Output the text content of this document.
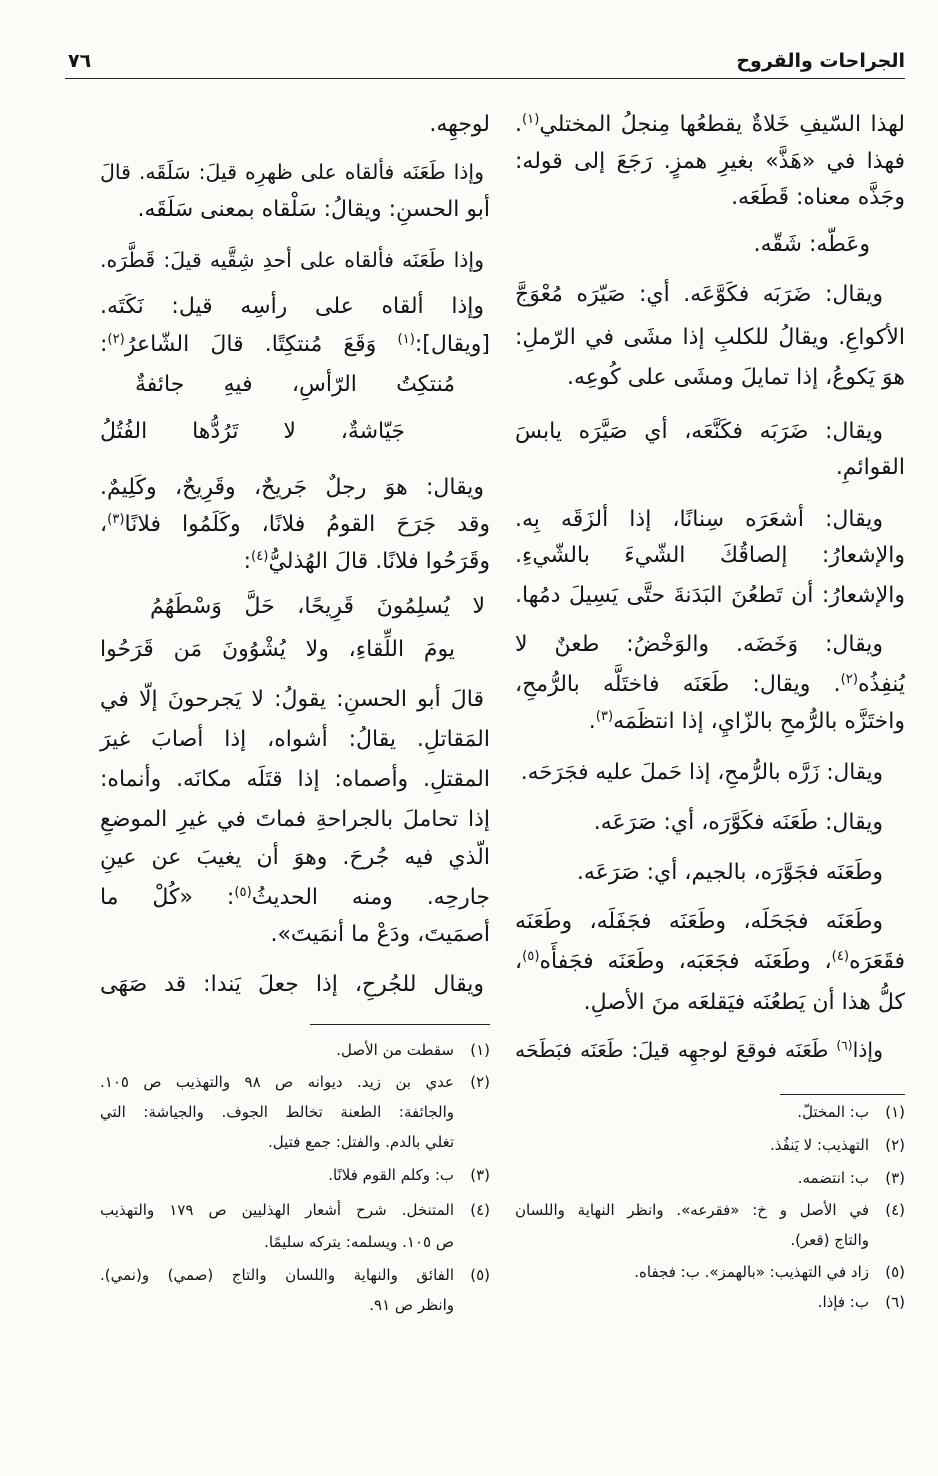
الجراحات والقروح
٧٦
لهذا السّيفِ خَلاةٌ يقطعُها مِنجلُ المختلي$^{(١)}$.
فهذا في «هَذَّ» بغيرِ همزٍ. رَجَعَ إلى قوله:
وجَذَّه معناه: قَطَعَه.
وعَطّه: شَقّه.
ويقال: ضَرَبَه فكَوَّعَه. أي: صَيّرَه مُعْوَجَّ
الأكواعِ. ويقالُ للكلبِ إذا مشَى في الرّملِ:
هوَ يَكوعُ، إذا تمايلَ ومشَى على كُوعِه.
ويقال: ضَرَبَه فكَنَّعَه، أي صَيَّرَه يابسَ
القوائمِ.
ويقال: أشعَرَه سِنانًا، إذا ألزَقَه بِه.
والإشعارُ: إلصاقُكَ الشّيءَ بالشّيءِ.
والإشعارُ: أن تَطعُنَ البَدَنةَ حتَّى يَسِيلَ دمُها.
ويقال: وَخَضَه. والوَخْضُ: طعنٌ لا
يُنفِذُه$^{(٢)}$. ويقال: طَعَنَه فاختَلَّه بالرُّمحِ،
واختَزَّه بالرُّمحِ بالزّايِ، إذا انتظَمَه$^{(٣)}$.
ويقال: زَرَّه بالرُّمحِ، إذا حَملَ عليه فجَرَحَه.
ويقال: طَعَنَه فكَوَّرَه، أي: صَرَعَه.
وطَعَنَه فجَوَّرَه، بالجيم، أي: صَرَعَه.
وطَعَنَه فجَحَلَه، وطَعَنَه فجَفَلَه، وطَعَنَه
فقَعَرَه$^{(٤)}$، وطَعَنَه فجَعَبَه، وطَعَنَه فجَفأَه$^{(٥)}$،
كلُّ هذا أن يَطعُنَه فيَقلعَه منَ الأصلِ.
وإذا$^{(٦)}$ طَعَنَه فوقعَ لوجهِه قيلَ: طَعَنَه فبَطَحَه
(١)
ب: المختلّ.
(٢)
التهذيب: لا يَنفُذ.
(٣)
ب: انتضمه.
(٤)
في الأصل و خ: «فقرعه». وانظر النهاية واللسان
والتاج (قعر).
(٥)
زاد في التهذيب: «بالهمز». ب: فجفاه.
(٦)
ب: فإذا.
لوجهِه.
وإذا طَعَنَه فألقاه على ظهرِه قيلَ: سَلَقَه. قالَ
أبو الحسنِ: ويقالُ: سَلْقاه بمعنى سَلَقَه.
وإذا طَعَنَه فألقاه على أحدِ شِقَّيه قيلَ: قَطَّرَه.
وإذا ألقاه على رأسِه قيل: نَكَتَه.
[ويقال]:$^{(١)}$ وَقَعَ مُنتكِتًا. قالَ الشّاعرُ$^{(٢)}$:
مُنتكِتُ الرّأسِ، فيهِ جائفةٌ
جَيّاشةٌ، لا تَرُدُّها الفُتُلُ
ويقال: هوَ رجلٌ جَريحٌ، وقَرِيحٌ، وكَلِيمٌ.
وقد جَرَحَ القومُ فلانًا، وكَلَمُوا فلانًا$^{(٣)}$،
وقَرَحُوا فلانًا. قالَ الهُذليُّ$^{(٤)}$:
لا يُسلِمُونَ قَرِيحًا، حَلَّ وَسْطَهُمُ
يومَ اللِّقاءِ، ولا يُشْوُونَ مَن قَرَحُوا
قالَ أبو الحسنِ: يقولُ: لا يَجرحونَ إلّا في
المَقاتلِ. يقالُ: أشواه، إذا أصابَ غيرَ
المقتلِ. وأصماه: إذا قتَلَه مكانَه. وأنماه:
إذا تحاملَ بالجراحةِ فماتَ في غيرِ الموضعِ
الّذي فيه جُرحَ. وهوَ أن يغيبَ عن عينِ
جارحِه. ومنه الحديثُ$^{(٥)}$: «كُلْ ما
أصمَيتَ، ودَعْ ما أنمَيتَ».
ويقال للجُرحِ، إذا جعلَ يَندا: قد صَهَى
(١)
سقطت من الأصل.
(٢)
عدي بن زيد. ديوانه ص ٩٨ والتهذيب ص ١٠٥.
والجائفة: الطعنة تخالط الجوف. والجياشة: التي
تغلي بالدم. والفتل: جمع فتيل.
(٣)
ب: وكلم القوم فلانًا.
(٤)
المتنخل. شرح أشعار الهذليين ص ١٧٩ والتهذيب
ص ١٠٥. ويسلمه: يتركه سليمًا.
(٥)
الفائق والنهاية واللسان والتاج (صمي) و(نمي).
وانظر ص ٩١.
